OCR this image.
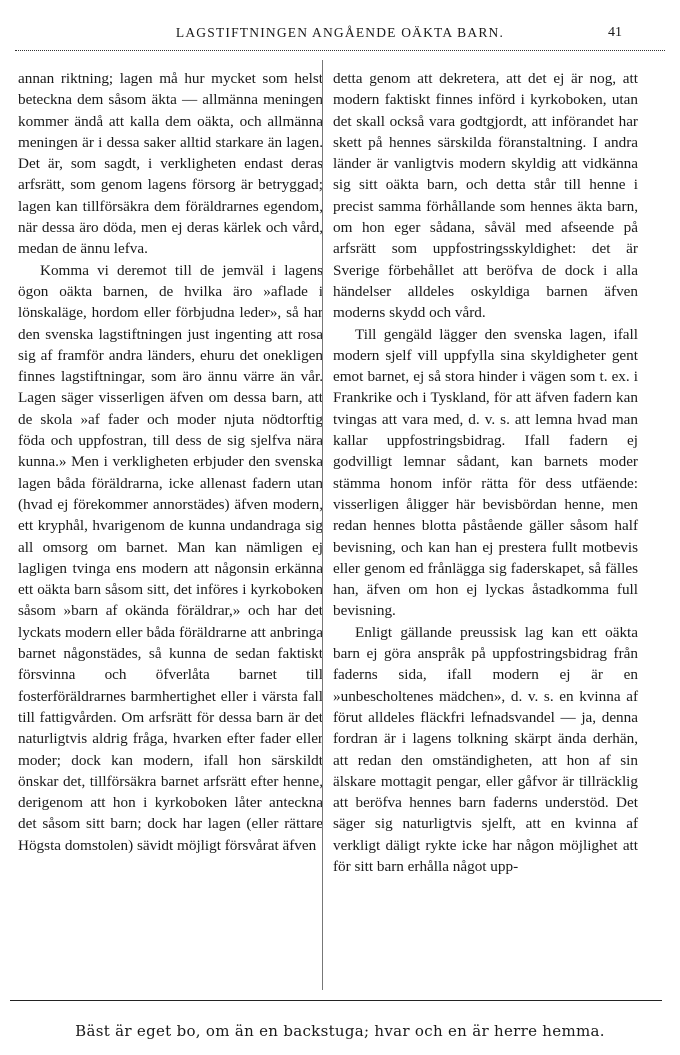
LAGSTIFTNINGEN ANGÅENDE OÄKTA BARN.	41

annan riktning; lagen må hur mycket som helst beteckna dem såsom äkta — allmänna meningen kommer ändå att kalla dem oäkta, och allmänna meningen är i dessa saker alltid starkare än lagen. Det är, som sagdt, i verkligheten endast deras arfsrätt, som genom lagens försorg är betryggad; lagen kan tillförsäkra dem föräldrarnes egendom, när dessa äro döda, men ej deras kärlek och vård, medan de ännu lefva.

Komma vi deremot till de jemväl i lagens ögon oäkta barnen, de hvilka äro »aflade i lönskaläge, hordom eller förbjudna leder», så har den svenska lagstiftningen just ingenting att rosa sig af framför andra länders, ehuru det onekligen finnes lagstiftningar, som äro ännu värre än vår. Lagen säger visserligen äfven om dessa barn, att de skola »af fader och moder njuta nödtorftig föda och uppfostran, till dess de sig sjelfva nära kunna.» Men i verkligheten erbjuder den svenska lagen båda föräldrarna, icke allenast fadern utan (hvad ej förekommer annorstädes) äfven modern, ett kryphål, hvarigenom de kunna undandraga sig all omsorg om barnet. Man kan nämligen ej lagligen tvinga ens modern att någonsin erkänna ett oäkta barn såsom sitt, det införes i kyrkoboken såsom »barn af okända föräldrar,» och har det lyckats modern eller båda föräldrarne att anbringa barnet någonstädes, så kunna de sedan faktiskt försvinna och öfverlåta barnet till fosterföräldrarnes barmhertighet eller i värsta fall till fattigvården. Om arfsrätt för dessa barn är det naturligtvis aldrig fråga, hvarken efter fader eller moder; dock kan modern, ifall hon särskildt önskar det, tillförsäkra barnet arfsrätt efter henne, derigenom att hon i kyrkoboken låter anteckna det såsom sitt barn; dock har lagen (eller rättare Högsta domstolen) sävidt möjligt försvårat äfven

detta genom att dekretera, att det ej är nog, att modern faktiskt finnes införd i kyrkoboken, utan det skall också vara godtgjordt, att införandet har skett på hennes särskilda föranstaltning. I andra länder är vanligtvis modern skyldig att vidkänna sig sitt oäkta barn, och detta står till henne i precist samma förhållande som hennes äkta barn, om hon eger sådana, såväl med afseende på arfsrätt som uppfostringsskyldighet: det är Sverige förbehållet att beröfva de dock i alla händelser alldeles oskyldiga barnen äfven moderns skydd och vård.

Till gengäld lägger den svenska lagen, ifall modern sjelf vill uppfylla sina skyldigheter gent emot barnet, ej så stora hinder i vägen som t. ex. i Frankrike och i Tyskland, för att äfven fadern kan tvingas att vara med, d. v. s. att lemna hvad man kallar uppfostringsbidrag. Ifall fadern ej godvilligt lemnar sådant, kan barnets moder stämma honom inför rätta för dess utfäende: visserligen åligger här bevisbördan henne, men redan hennes blotta påstående gäller såsom half bevisning, och kan han ej prestera fullt motbevis eller genom ed frånlägga sig faderskapet, så fälles han, äfven om hon ej lyckas åstadkomma full bevisning.

Enligt gällande preussisk lag kan ett oäkta barn ej göra anspråk på uppfostringsbidrag från faderns sida, ifall modern ej är en »unbescholtenes mädchen», d. v. s. en kvinna af förut alldeles fläckfri lefnadsvandel — ja, denna fordran är i lagens tolkning skärpt ända derhän, att redan den omständigheten, att hon af sin älskare mottagit pengar, eller gåfvor är tillräcklig att beröfva hennes barn faderns understöd. Det säger sig naturligtvis sjelft, att en kvinna af verkligt däligt rykte icke har någon möjlighet att för sitt barn erhålla något upp-

Bäst är eget bo, om än en backstuga; hvar och en är herre hemma.
